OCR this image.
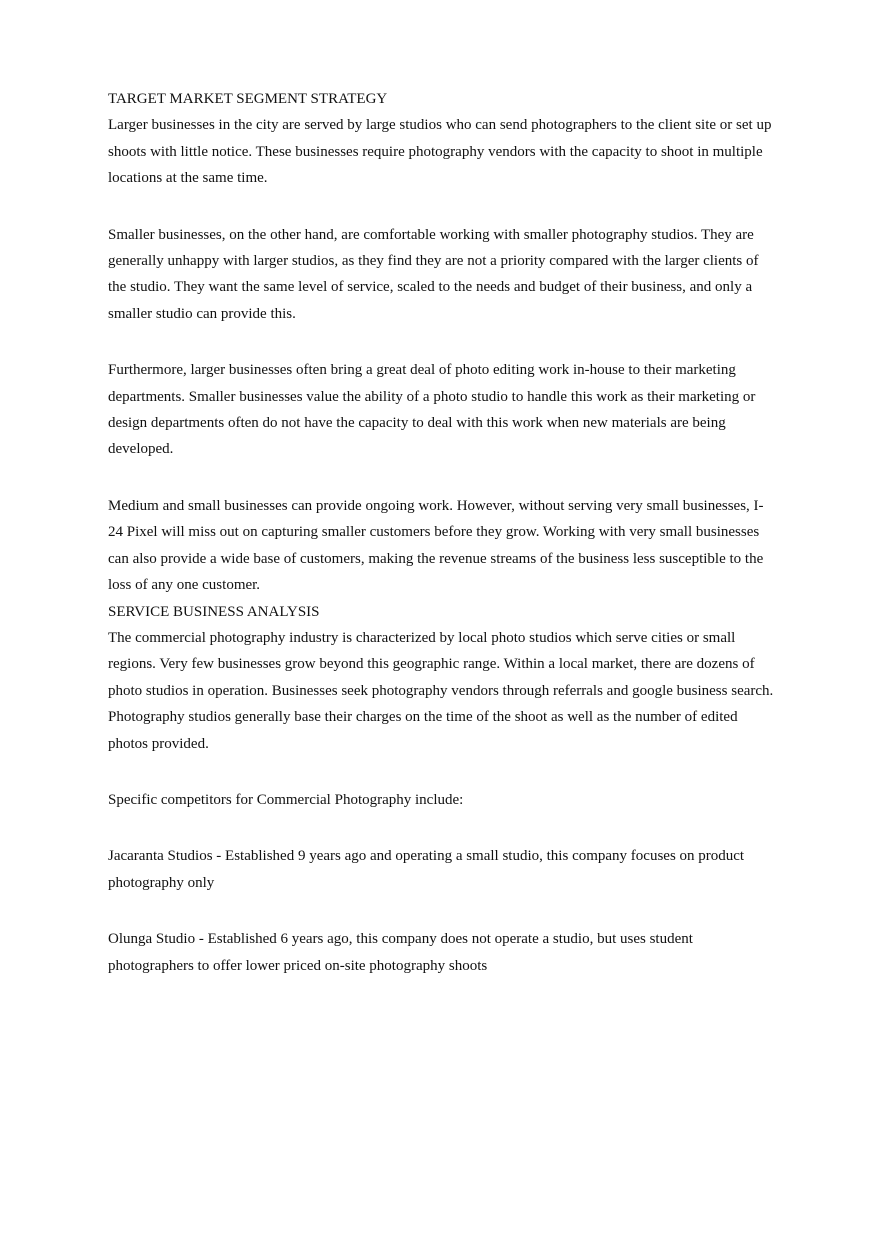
TARGET MARKET SEGMENT STRATEGY

Larger businesses in the city are served by large studios who can send photographers to the client site or set up shoots with little notice. These businesses require photography vendors with the capacity to shoot in multiple locations at the same time.

Smaller businesses, on the other hand, are comfortable working with smaller photography studios. They are generally unhappy with larger studios, as they find they are not a priority compared with the larger clients of the studio. They want the same level of service, scaled to the needs and budget of their business, and only a smaller studio can provide this.

Furthermore, larger businesses often bring a great deal of photo editing work in-house to their marketing departments. Smaller businesses value the ability of a photo studio to handle this work as their marketing or design departments often do not have the capacity to deal with this work when new materials are being developed.

Medium and small businesses can provide ongoing work. However, without serving very small businesses, I-24 Pixel will miss out on capturing smaller customers before they grow. Working with very small businesses can also provide a wide base of customers, making the revenue streams of the business less susceptible to the loss of any one customer.

SERVICE BUSINESS ANALYSIS

The commercial photography industry is characterized by local photo studios which serve cities or small regions. Very few businesses grow beyond this geographic range. Within a local market, there are dozens of photo studios in operation. Businesses seek photography vendors through referrals and google business search. Photography studios generally base their charges on the time of the shoot as well as the number of edited photos provided.

Specific competitors for Commercial Photography include:

Jacaranta Studios - Established 9 years ago and operating a small studio, this company focuses on product photography only

Olunga Studio - Established 6 years ago, this company does not operate a studio, but uses student photographers to offer lower priced on-site photography shoots
